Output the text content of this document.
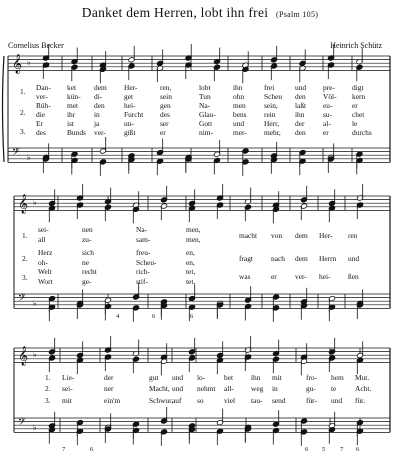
Danket dem Herren, lobt ihn frei (Psalm 105)
Cornelius Becker	Heinrich Schütz
𝄞
𝄢
♭
♭
𝄞
𝄢
♭
♭
𝄞
𝄢
♭
♭
1.
2.
3.
Dan- ket dem Her-	ren,	lobt	ihn	frei	und pre- digt
ver-	kün- di-	get	sein	Tun	ohn	Scheu den Völ- kern
Rüh- met den	hei-	gen	Na-	men sein, laßt eu-	er
die	ihr	in	Furcht des	Glau- bens rein	ihn	su-	chet
Er	ist	ja	un-	ser	Gott	und	Herr, der	al-	le
des	Bunds ver- gißt	er	nim-	mer- mehr, den er	durchs
1.
2.
3.
sei-	nen	Na-	men,
all	zu-	sam-	men,
Herz	sich	freu-	en,
oh-	ne	Scheu-	en,
Welt	recht	rich-	tet,
Wort	ge-	stif-	tet,
macht von dem Her- ren
fragt nach dem Herrn und
was	er ver- hei- ßen
4	6	6
1. Lie-	der	gut und lo-	bet ihn mit	fro- hem Mut.
2. sei-	ner	Macht, und nehmt all- weg in	gu- te	Acht.
3. mit	ein'm	Schwur,
auf so	viel tau- send	für- und für.
7	6	6 5 7 6
